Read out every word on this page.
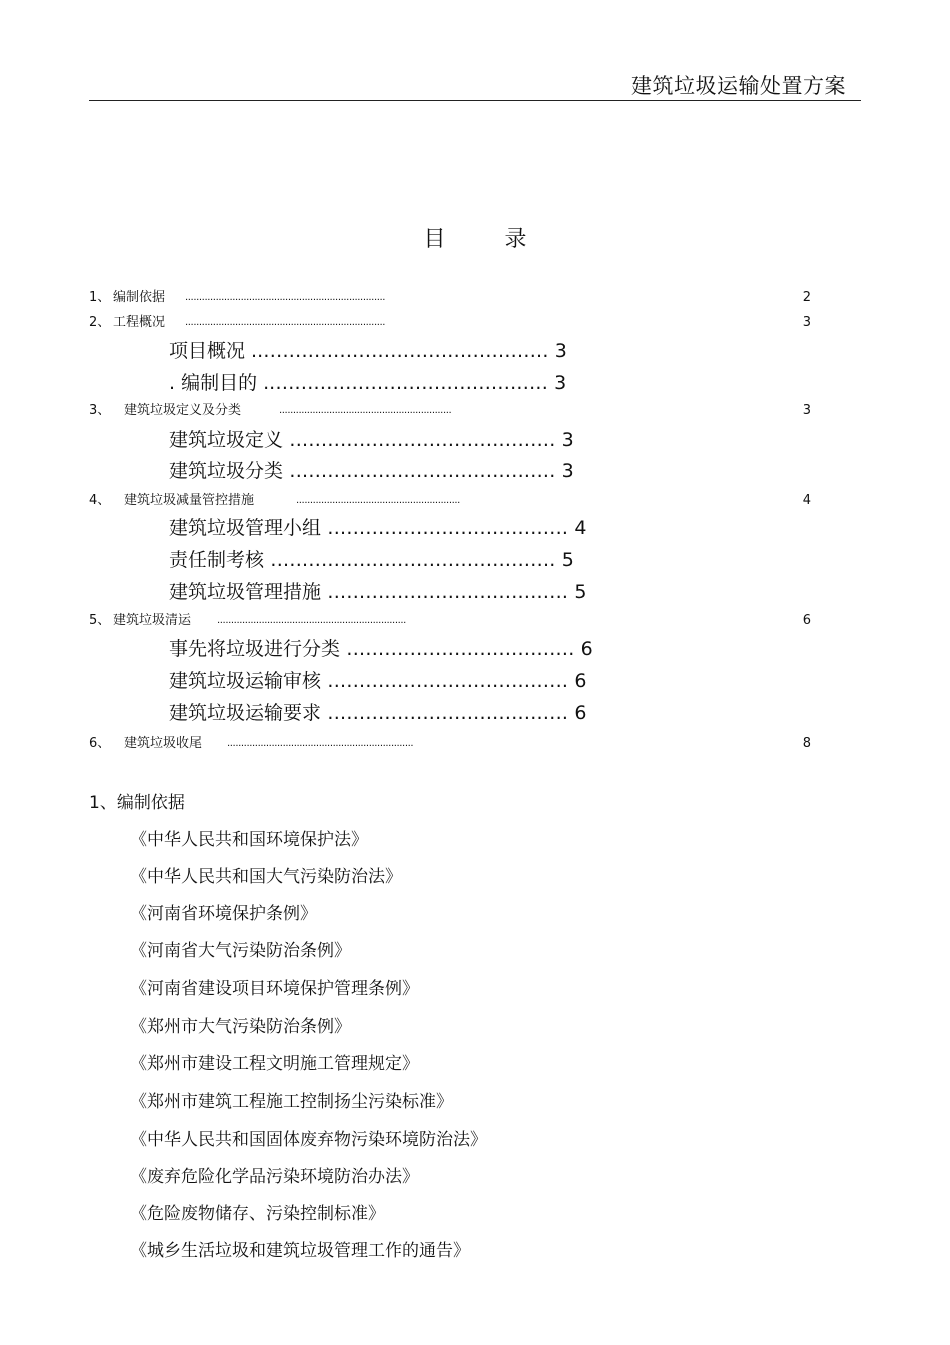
建筑垃圾运输处置方案
目 录
1、 编制依据 ........................................................................	2
2、 工程概况 ........................................................................	3
项目概况 ............................................... 3
. 编制目的 ............................................. 3
3、 建筑垃圾定义及分类	..............................................................	3
建筑垃圾定义 .......................................... 3
建筑垃圾分类 .......................................... 3
4、 建筑垃圾减量管控措施	...........................................................	4
建筑垃圾管理小组 ...................................... 4
责任制考核 ............................................. 5
建筑垃圾管理措施 ...................................... 5
5、 建筑垃圾清运	....................................................................	6
事先将垃圾进行分类 .................................... 6
建筑垃圾运输审核 ...................................... 6
建筑垃圾运输要求 ...................................... 6
6、 建筑垃圾收尾 ...................................................................	8
1、编制依据
《中华人民共和国环境保护法》
《中华人民共和国大气污染防治法》
《河南省环境保护条例》
《河南省大气污染防治条例》
《河南省建设项目环境保护管理条例》
《郑州市大气污染防治条例》
《郑州市建设工程文明施工管理规定》
《郑州市建筑工程施工控制扬尘污染标准》
《中华人民共和国固体废弃物污染环境防治法》
《废弃危险化学品污染环境防治办法》
《危险废物储存、污染控制标准》
《城乡生活垃圾和建筑垃圾管理工作的通告》
